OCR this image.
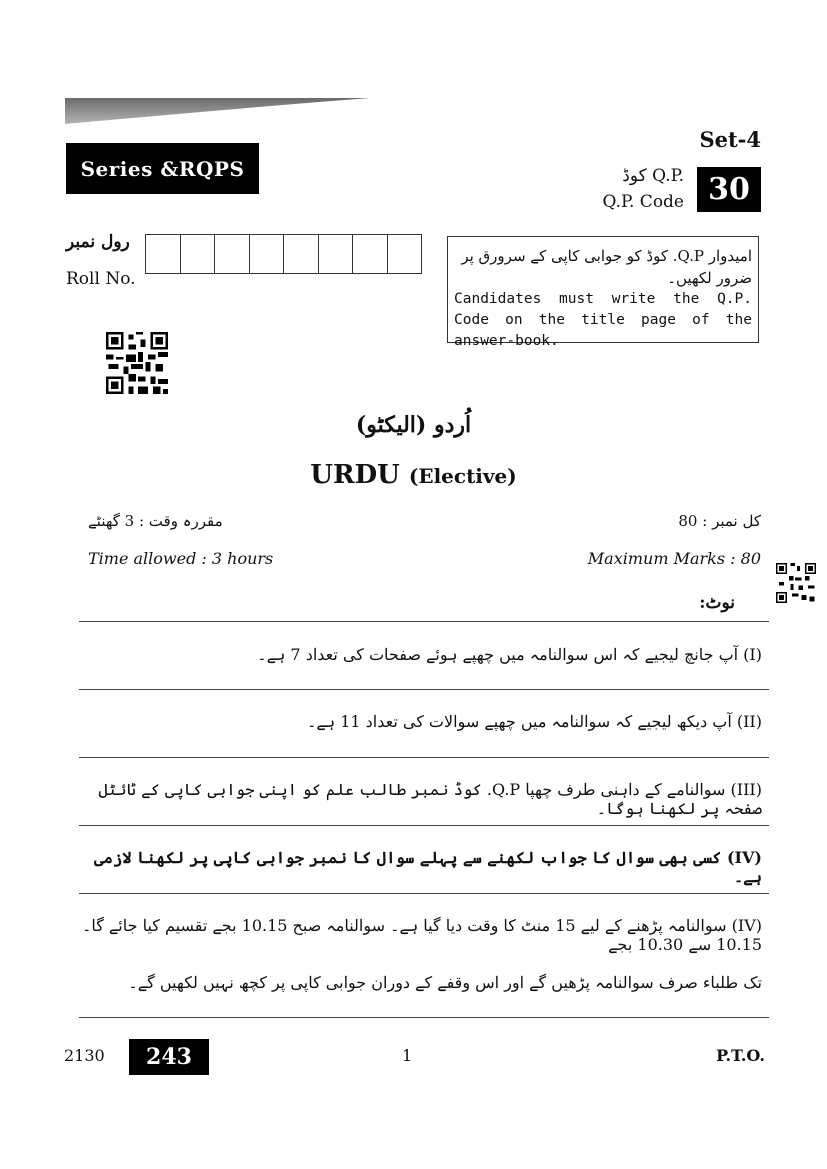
Set-4
Series &RQPS	کوڈ Q.P.
Q.P. Code 30
رول نمبر
Roll No.
امیدوار Q.P. کوڈ کو جوابی کاپی کے سرورق پر ضرور لکھیں۔
Candidates must write the Q.P. Code on the title page of the answer-book.
اُردو (الیکٹو)
URDU (Elective)
مقررہ وقت : 3 گھنٹے	کل نمبر : 80
Time allowed : 3 hours	Maximum Marks : 80
نوٹ:
(I) آپ جانچ لیجیے کہ اس سوالنامہ میں چھپے ہوئے صفحات کی تعداد 7 ہے۔
(II) آپ دیکھ لیجیے کہ سوالنامہ میں چھپے سوالات کی تعداد 11 ہے۔
(III) سوالنامے کے داہنی طرف چھپا Q.P. کوڈ نمبر طالب علم کو اپنی جوابی کاپی کے ٹائٹل صفحہ پر لکھنا ہوگا۔
(IV) کسی بھی سوال کا جواب لکھنے سے پہلے سوال کا نمبر جوابی کاپی پر لکھنا لازمی ہے۔
(IV) سوالنامہ پڑھنے کے لیے 15 منٹ کا وقت دیا گیا ہے۔ سوالنامہ صبح 10.15 بجے تقسیم کیا جائے گا۔ 10.15 سے 10.30 بجے
تک طلباء صرف سوالنامہ پڑھیں گے اور اس وقفے کے دوران جوابی کاپی پر کچھ نہیں لکھیں گے۔
2130	243	1	P.T.O.
